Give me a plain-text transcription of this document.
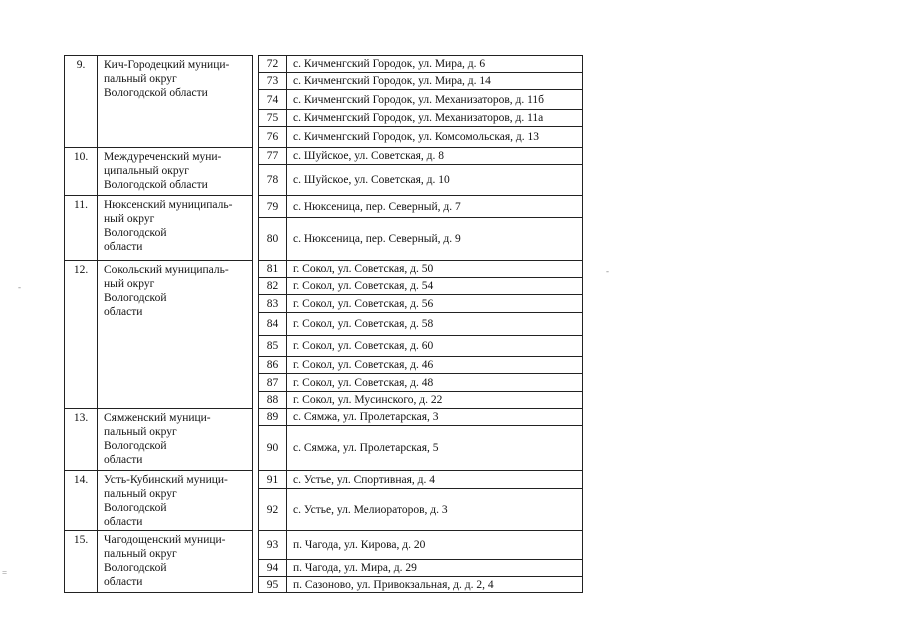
9.	Кич-Городецкий муници-
пальный округ
Вологодской области		72	с. Кичменгский Городок, ул. Мира, д. 6
			73	с. Кичменгский Городок, ул. Мира, д. 14
			74	с. Кичменгский Городок, ул. Механизаторов, д. 11б
			75	с. Кичменгский Городок, ул. Механизаторов, д. 11а
			76	с. Кичменгский Городок, ул. Комсомольская, д. 13
10.	Междуреченский муни-
ципальный округ
Вологодской области		77	с. Шуйское, ул. Советская, д. 8
			78	с. Шуйское, ул. Советская, д. 10
11.	Нюксенский муниципаль-
ный округ
Вологодской
области		79	с. Нюксеница, пер. Северный, д. 7
			80	с. Нюксеница, пер. Северный, д. 9
12.	Сокольский муниципаль-
ный округ
Вологодской
области		81	г. Сокол, ул. Советская, д. 50
			82	г. Сокол, ул. Советская, д. 54
			83	г. Сокол, ул. Советская, д. 56
			84	г. Сокол, ул. Советская, д. 58
			85	г. Сокол, ул. Советская, д. 60
			86	г. Сокол, ул. Советская, д. 46
			87	г. Сокол, ул. Советская, д. 48
			88	г. Сокол, ул. Мусинского, д. 22
13.	Сямженский муници-
пальный округ
Вологодской
области		89	с. Сямжа, ул. Пролетарская, 3
			90	с. Сямжа, ул. Пролетарская, 5
14.	Усть-Кубинский муници-
пальный округ
Вологодской
области		91	с. Устье, ул. Спортивная, д. 4
			92	с. Устье, ул. Мелиораторов, д. 3
15.	Чагодощенский муници-
пальный округ
Вологодской
области		93	п. Чагода, ул. Кирова, д. 20
			94	п. Чагода, ул. Мира, д. 29
			95	п. Сазоново, ул. Привокзальная, д. д. 2, 4
-
-
=
